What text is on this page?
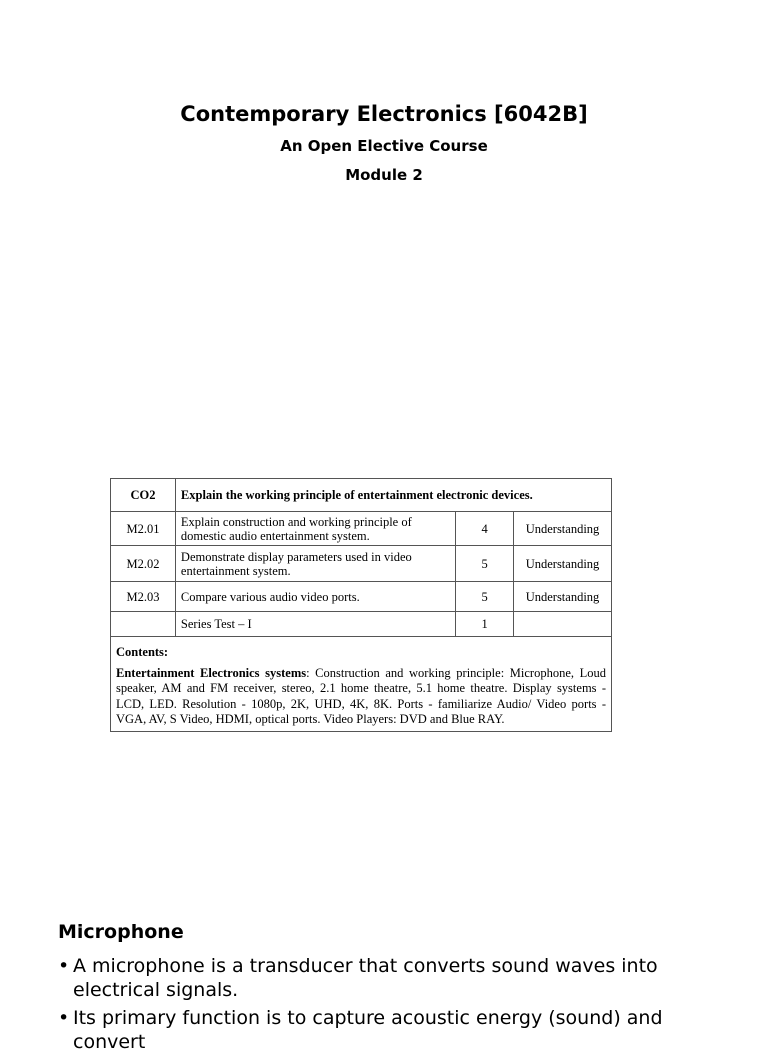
Contemporary Electronics [6042B]
An Open Elective Course
Module 2
CO2	Explain the working principle of entertainment electronic devices.		
M2.01	Explain construction and working principle of domestic audio entertainment system.	4	Understanding
M2.02	Demonstrate display parameters used in video entertainment system.	5	Understanding
M2.03	Compare various audio video ports.	5	Understanding
	Series Test – I	1	
Contents:
Entertainment Electronics systems: Construction and working principle: Microphone, Loud speaker, AM and FM receiver, stereo, 2.1 home theatre, 5.1 home theatre. Display systems - LCD, LED. Resolution - 1080p, 2K, UHD, 4K, 8K. Ports - familiarize Audio/ Video ports - VGA, AV, S Video, HDMI, optical ports. Video Players: DVD and Blue RAY.
Microphone
• A microphone is a transducer that converts sound waves into electrical signals.
• Its primary function is to capture acoustic energy (sound) and convert
